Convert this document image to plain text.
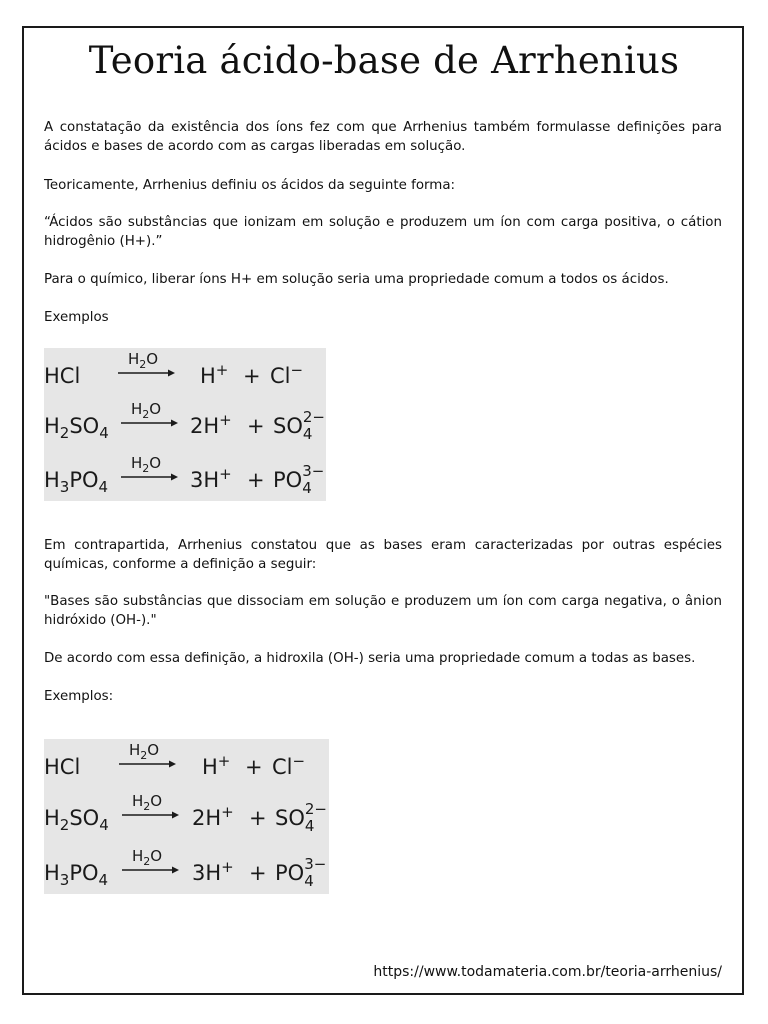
Teoria ácido-base de Arrhenius

A constatação da existência dos íons fez com que Arrhenius também formulasse definições para ácidos e bases de acordo com as cargas liberadas em solução.

Teoricamente, Arrhenius definiu os ácidos da seguinte forma:

“Ácidos são substâncias que ionizam em solução e produzem um íon com carga positiva, o cátion hidrogênio (H+).”

Para o químico, liberar íons H+ em solução seria uma propriedade comum a todos os ácidos.

Exemplos

HCl
$H_2O$
H+ + Cl−
$H_2SO_4$
$H_2O$
2H+ + SO 2−
4
$H_3PO_4$
$H_2O$
3H+ + PO 3−
4

Em contrapartida, Arrhenius constatou que as bases eram caracterizadas por outras espécies químicas, conforme a definição a seguir:

"Bases são substâncias que dissociam em solução e produzem um íon com carga negativa, o ânion hidróxido (OH-)."

De acordo com essa definição, a hidroxila (OH-) seria uma propriedade comum a todas as bases.

Exemplos:

HCl
$H_2O$
H+ + Cl−
$H_2SO_4$
$H_2O$
2H+ + SO 2−
4
$H_3PO_4$
$H_2O$
3H+ + PO 3−
4
https://www.todamateria.com.br/teoria-arrhenius/
